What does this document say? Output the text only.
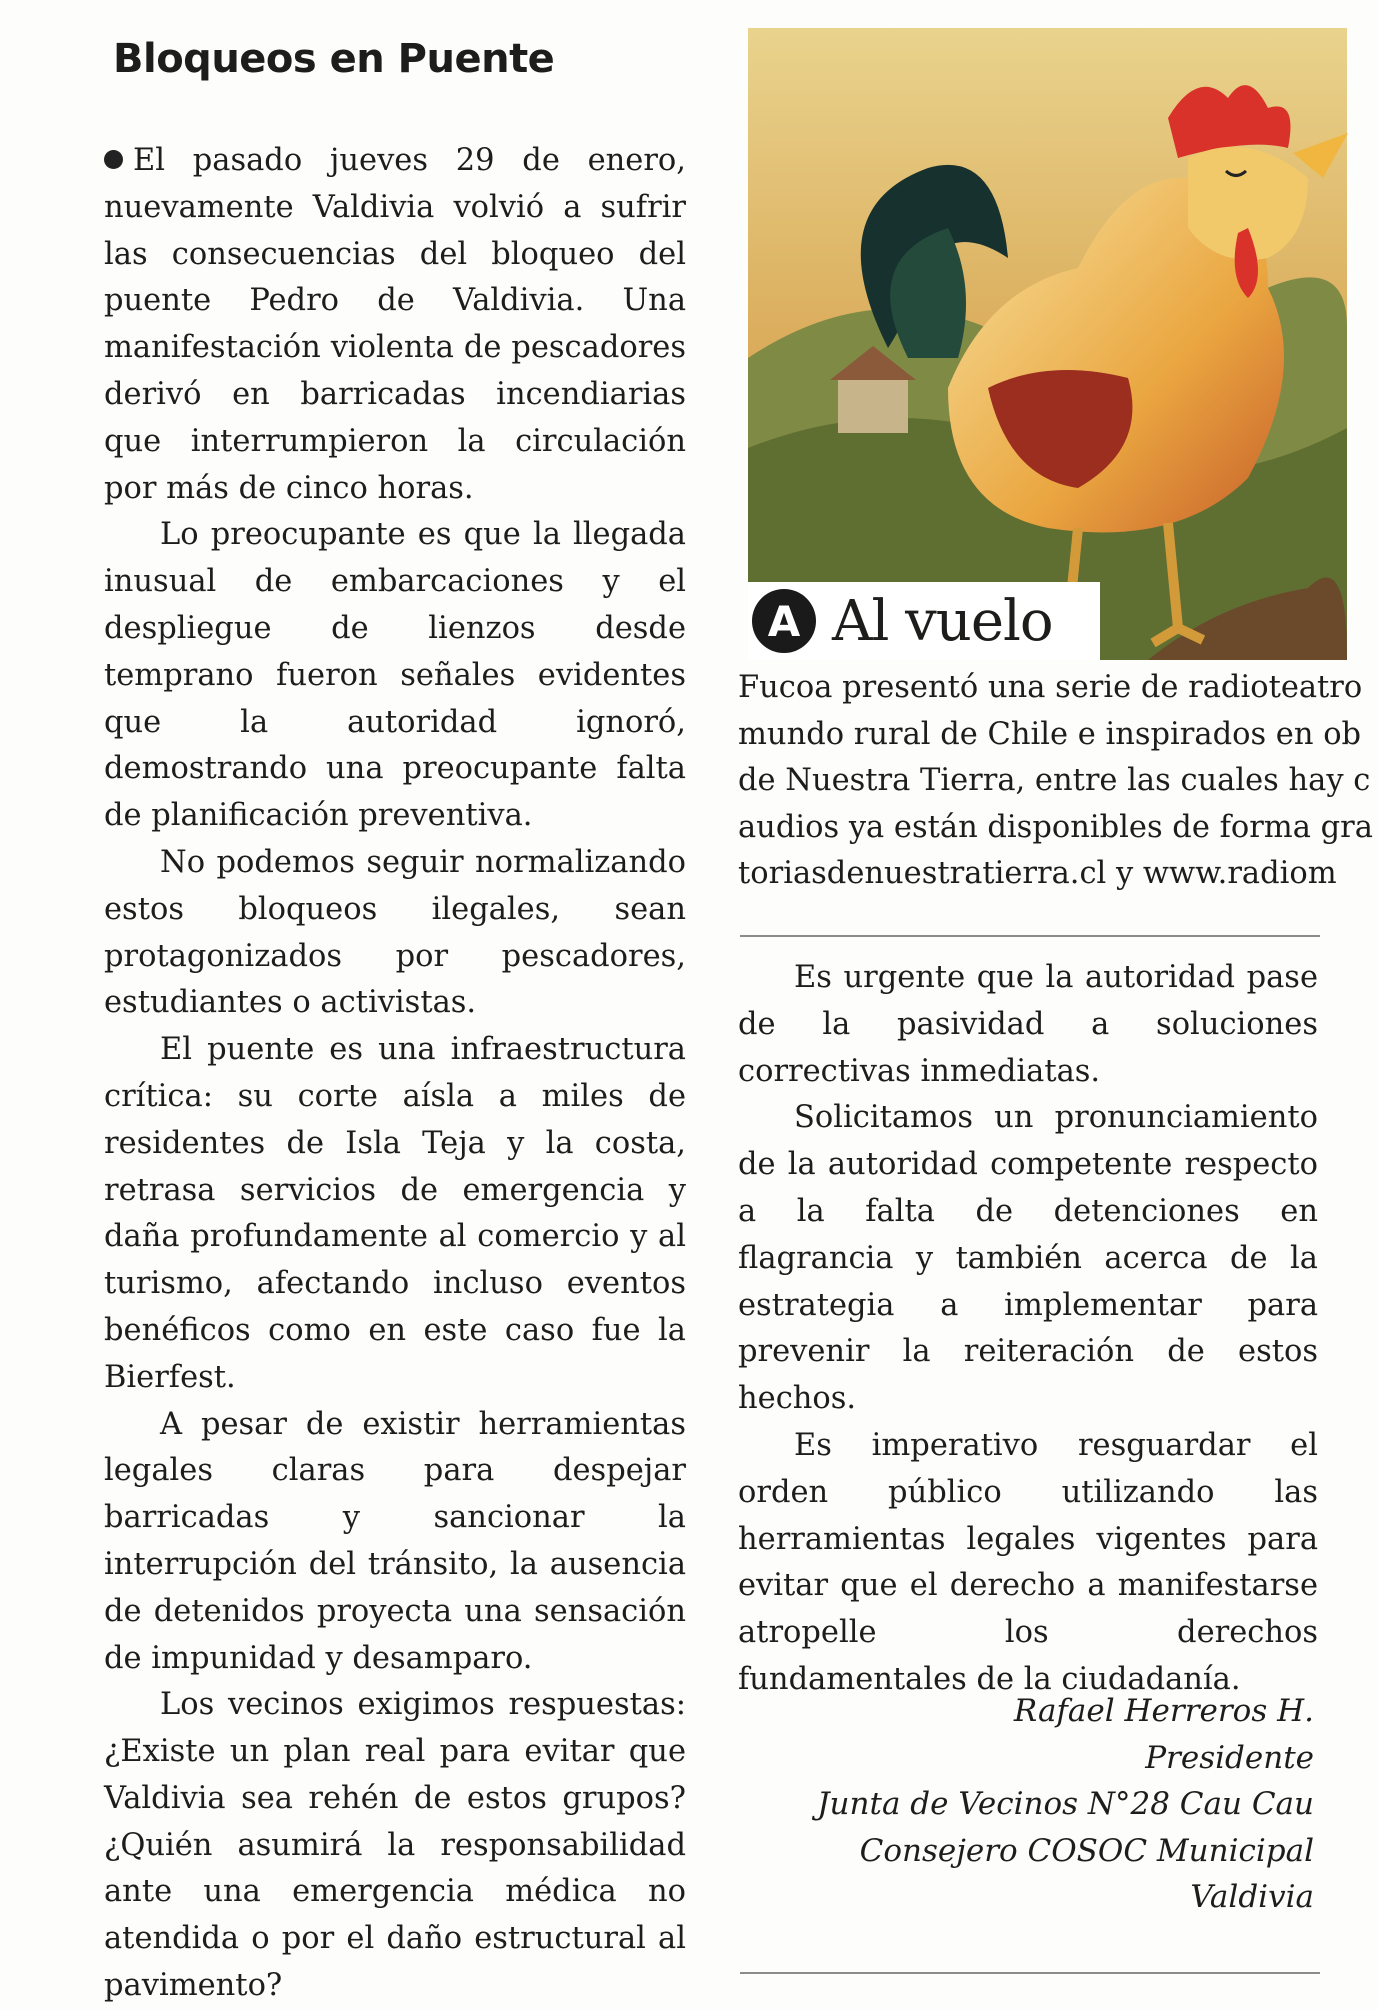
Bloqueos en Puente

El pasado jueves 29 de enero, nuevamente Valdivia volvió a sufrir las consecuencias del bloqueo del puente Pedro de Valdivia. Una manifestación violenta de pescadores derivó en barricadas incendiarias que interrumpieron la circulación por más de cinco horas.

Lo preocupante es que la llegada inusual de embarcaciones y el despliegue de lienzos desde temprano fueron señales evidentes que la autoridad ignoró, demostrando una preocupante falta de planificación preventiva.

No podemos seguir normalizando estos bloqueos ilegales, sean protagonizados por pescadores, estudiantes o activistas.

El puente es una infraestructura crítica: su corte aísla a miles de residentes de Isla Teja y la costa, retrasa servicios de emergencia y daña profundamente al comercio y al turismo, afectando incluso eventos benéficos como en este caso fue la Bierfest.

A pesar de existir herramientas legales claras para despejar barricadas y sancionar la interrupción del tránsito, la ausencia de detenidos proyecta una sensación de impunidad y desamparo.

Los vecinos exigimos respuestas: ¿Existe un plan real para evitar que Valdivia sea rehén de estos grupos? ¿Quién asumirá la responsabilidad ante una emergencia médica no atendida o por el daño estructural al pavimento?

A Al vuelo
Fucoa presentó una serie de radioteatro
mundo rural de Chile e inspirados en ob
de Nuestra Tierra, entre las cuales hay c
audios ya están disponibles de forma gra
toriasdenuestratierra.cl y www.radiom

Es urgente que la autoridad pase de la pasividad a soluciones correctivas inmediatas.

Solicitamos un pronunciamiento de la autoridad competente respecto a la falta de detenciones en flagrancia y también acerca de la estrategia a implementar para prevenir la reiteración de estos hechos.

Es imperativo resguardar el orden público utilizando las herramientas legales vigentes para evitar que el derecho a manifestarse atropelle los derechos fundamentales de la ciudadanía.

Rafael Herreros H.
Presidente
Junta de Vecinos N°28 Cau Cau
Consejero COSOC Municipal
Valdivia
